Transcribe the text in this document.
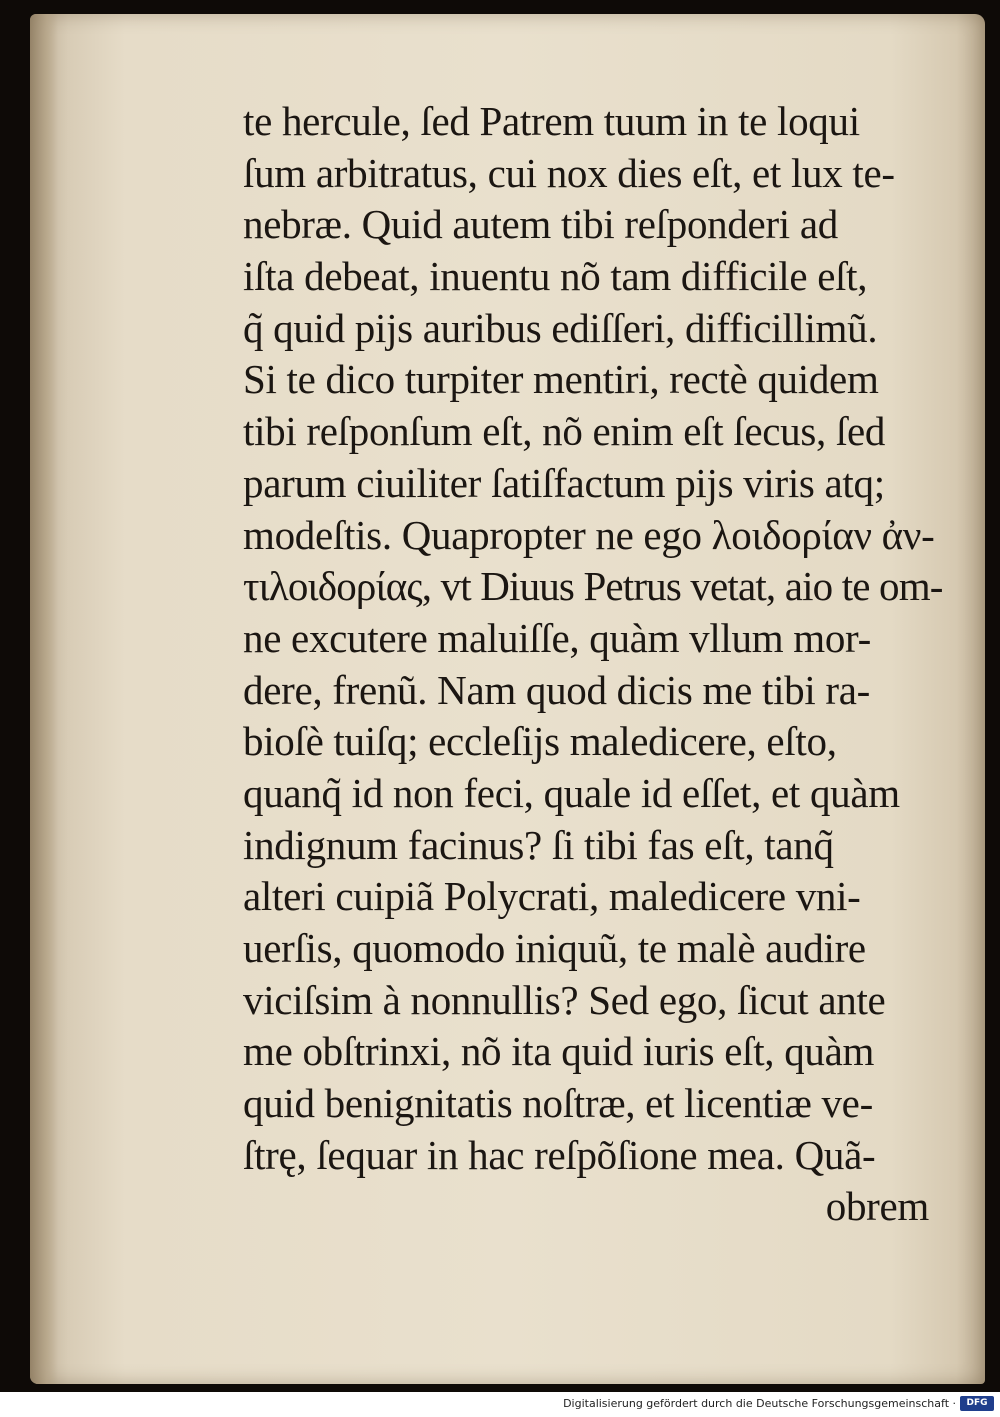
te hercule, ſed Patrem tuum in te loqui
ſum arbitratus, cui nox dies eſt, et lux te-
nebræ. Quid autem tibi reſponderi ad
iſta debeat, inuentu nõ tam difficile eſt,
q̃ quid pijs auribus ediſſeri, difficillimũ.
Si te dico turpiter mentiri, rectè quidem
tibi reſponſum eſt, nõ enim eſt ſecus, ſed
parum ciuiliter ſatiſfactum pijs viris atq;
modeſtis. Quapropter ne ego λοιδορίαν ἀν-
τιλοιδορίας, vt Diuus Petrus vetat, aio te om-
ne excutere maluiſſe, quàm vllum mor-
dere, frenũ. Nam quod dicis me tibi ra-
bioſè tuiſq; eccleſijs maledicere, eſto,
quanq̃ id non feci, quale id eſſet, et quàm
indignum facinus? ſi tibi fas eſt, tanq̃
alteri cuipiã Polycrati, maledicere vni-
uerſis, quomodo iniquũ, te malè audire
viciſsim à nonnullis? Sed ego, ſicut ante
me obſtrinxi, nõ ita quid iuris eſt, quàm
quid benignitatis noſtræ, et licentiæ ve-
ſtrę, ſequar in hac reſpõſione mea. Quã-
obrem
Digitalisierung gefördert durch die Deutsche Forschungsgemeinschaft ·	DFG
